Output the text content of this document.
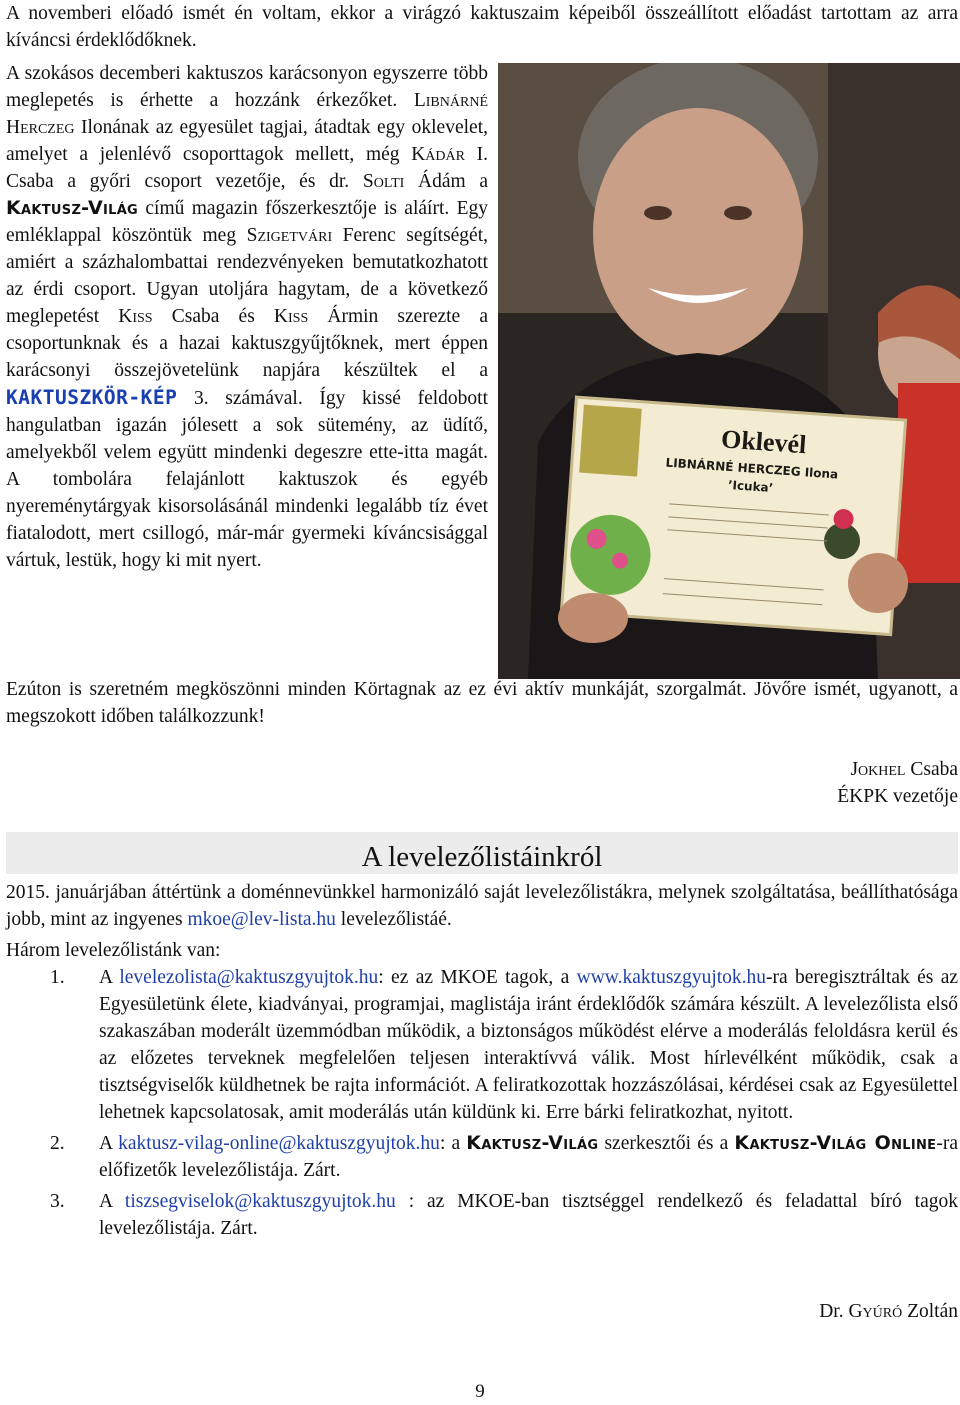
A novemberi előadó ismét én voltam, ekkor a virágzó kaktuszaim képeiből összeállított előadást tartottam az arra kíváncsi érdeklődőknek.

Oklevél
LIBNÁRNÉ HERCZEG Ilona
’Icuka’

A szokásos decemberi kaktuszos karácsonyon egyszerre több meglepetés is érhette a hozzánk érkezőket. Libnárné Herczeg Ilonának az egyesület tagjai, átadtak egy oklevelet, amelyet a jelenlévő csoporttagok mellett, még Kádár I. Csaba a győri csoport vezetője, és dr. Solti Ádám a Kaktusz-Világ című magazin főszerkesztője is aláírt. Egy emléklappal köszöntük meg Szigetvári Ferenc segítségét, amiért a százhalombattai rendezvényeken bemutatkozhatott az érdi csoport. Ugyan utoljára hagytam, de a következő meglepetést Kiss Csaba és Kiss Ármin szerezte a csoportunknak és a hazai kaktuszgyűjtőknek, mert éppen karácsonyi összejövetelünk napjára készültek el a KAKTUSZKÖR-KÉP 3. számával. Így kissé feldobott hangulatban igazán jólesett a sok sütemény, az üdítő, amelyekből velem együtt mindenki degeszre ette-itta magát. A tombolára felajánlott kaktuszok és egyéb nyereménytárgyak kisorsolásánál mindenki legalább tíz évet fiatalodott, mert csillogó, már-már gyermeki kíváncsisággal vártuk, lestük, hogy ki mit nyert.

Ezúton is szeretném megköszönni minden Körtagnak az ez évi aktív munkáját, szorgalmát. Jövőre ismét, ugyanott, a megszokott időben találkozzunk!

Jokhel Csaba
ÉKPK vezetője
A levelezőlistáinkról

2015. januárjában áttértünk a doménnevünkkel harmonizáló saját levelezőlistákra, melynek szolgáltatása, beállíthatósága jobb, mint az ingyenes mkoe@lev-lista.hu levelezőlistáé.

Három levelezőlistánk van:

1. A levelezolista@kaktuszgyujtok.hu: ez az MKOE tagok, a www.kaktuszgyujtok.hu-ra beregisztráltak és az Egyesületünk élete, kiadványai, programjai, maglistája iránt érdeklődők számára készült. A levelezőlista első szakaszában moderált üzemmódban működik, a biztonságos működést elérve a moderálás feloldásra kerül és az előzetes terveknek megfelelően teljesen interaktívvá válik. Most hírlevélként működik, csak a tisztségviselők küldhetnek be rajta információt. A feliratkozottak hozzászólásai, kérdései csak az Egyesülettel lehetnek kapcsolatosak, amit moderálás után küldünk ki. Erre bárki feliratkozhat, nyitott.
2. A kaktusz-vilag-online@kaktuszgyujtok.hu: a Kaktusz-Világ szerkesztői és a Kaktusz-Világ Online-ra előfizetők levelezőlistája. Zárt.
3. A tiszsegviselok@kaktuszgyujtok.hu : az MKOE-ban tisztséggel rendelkező és feladattal bíró tagok levelezőlistája. Zárt.
Dr. Gyúró Zoltán
9
